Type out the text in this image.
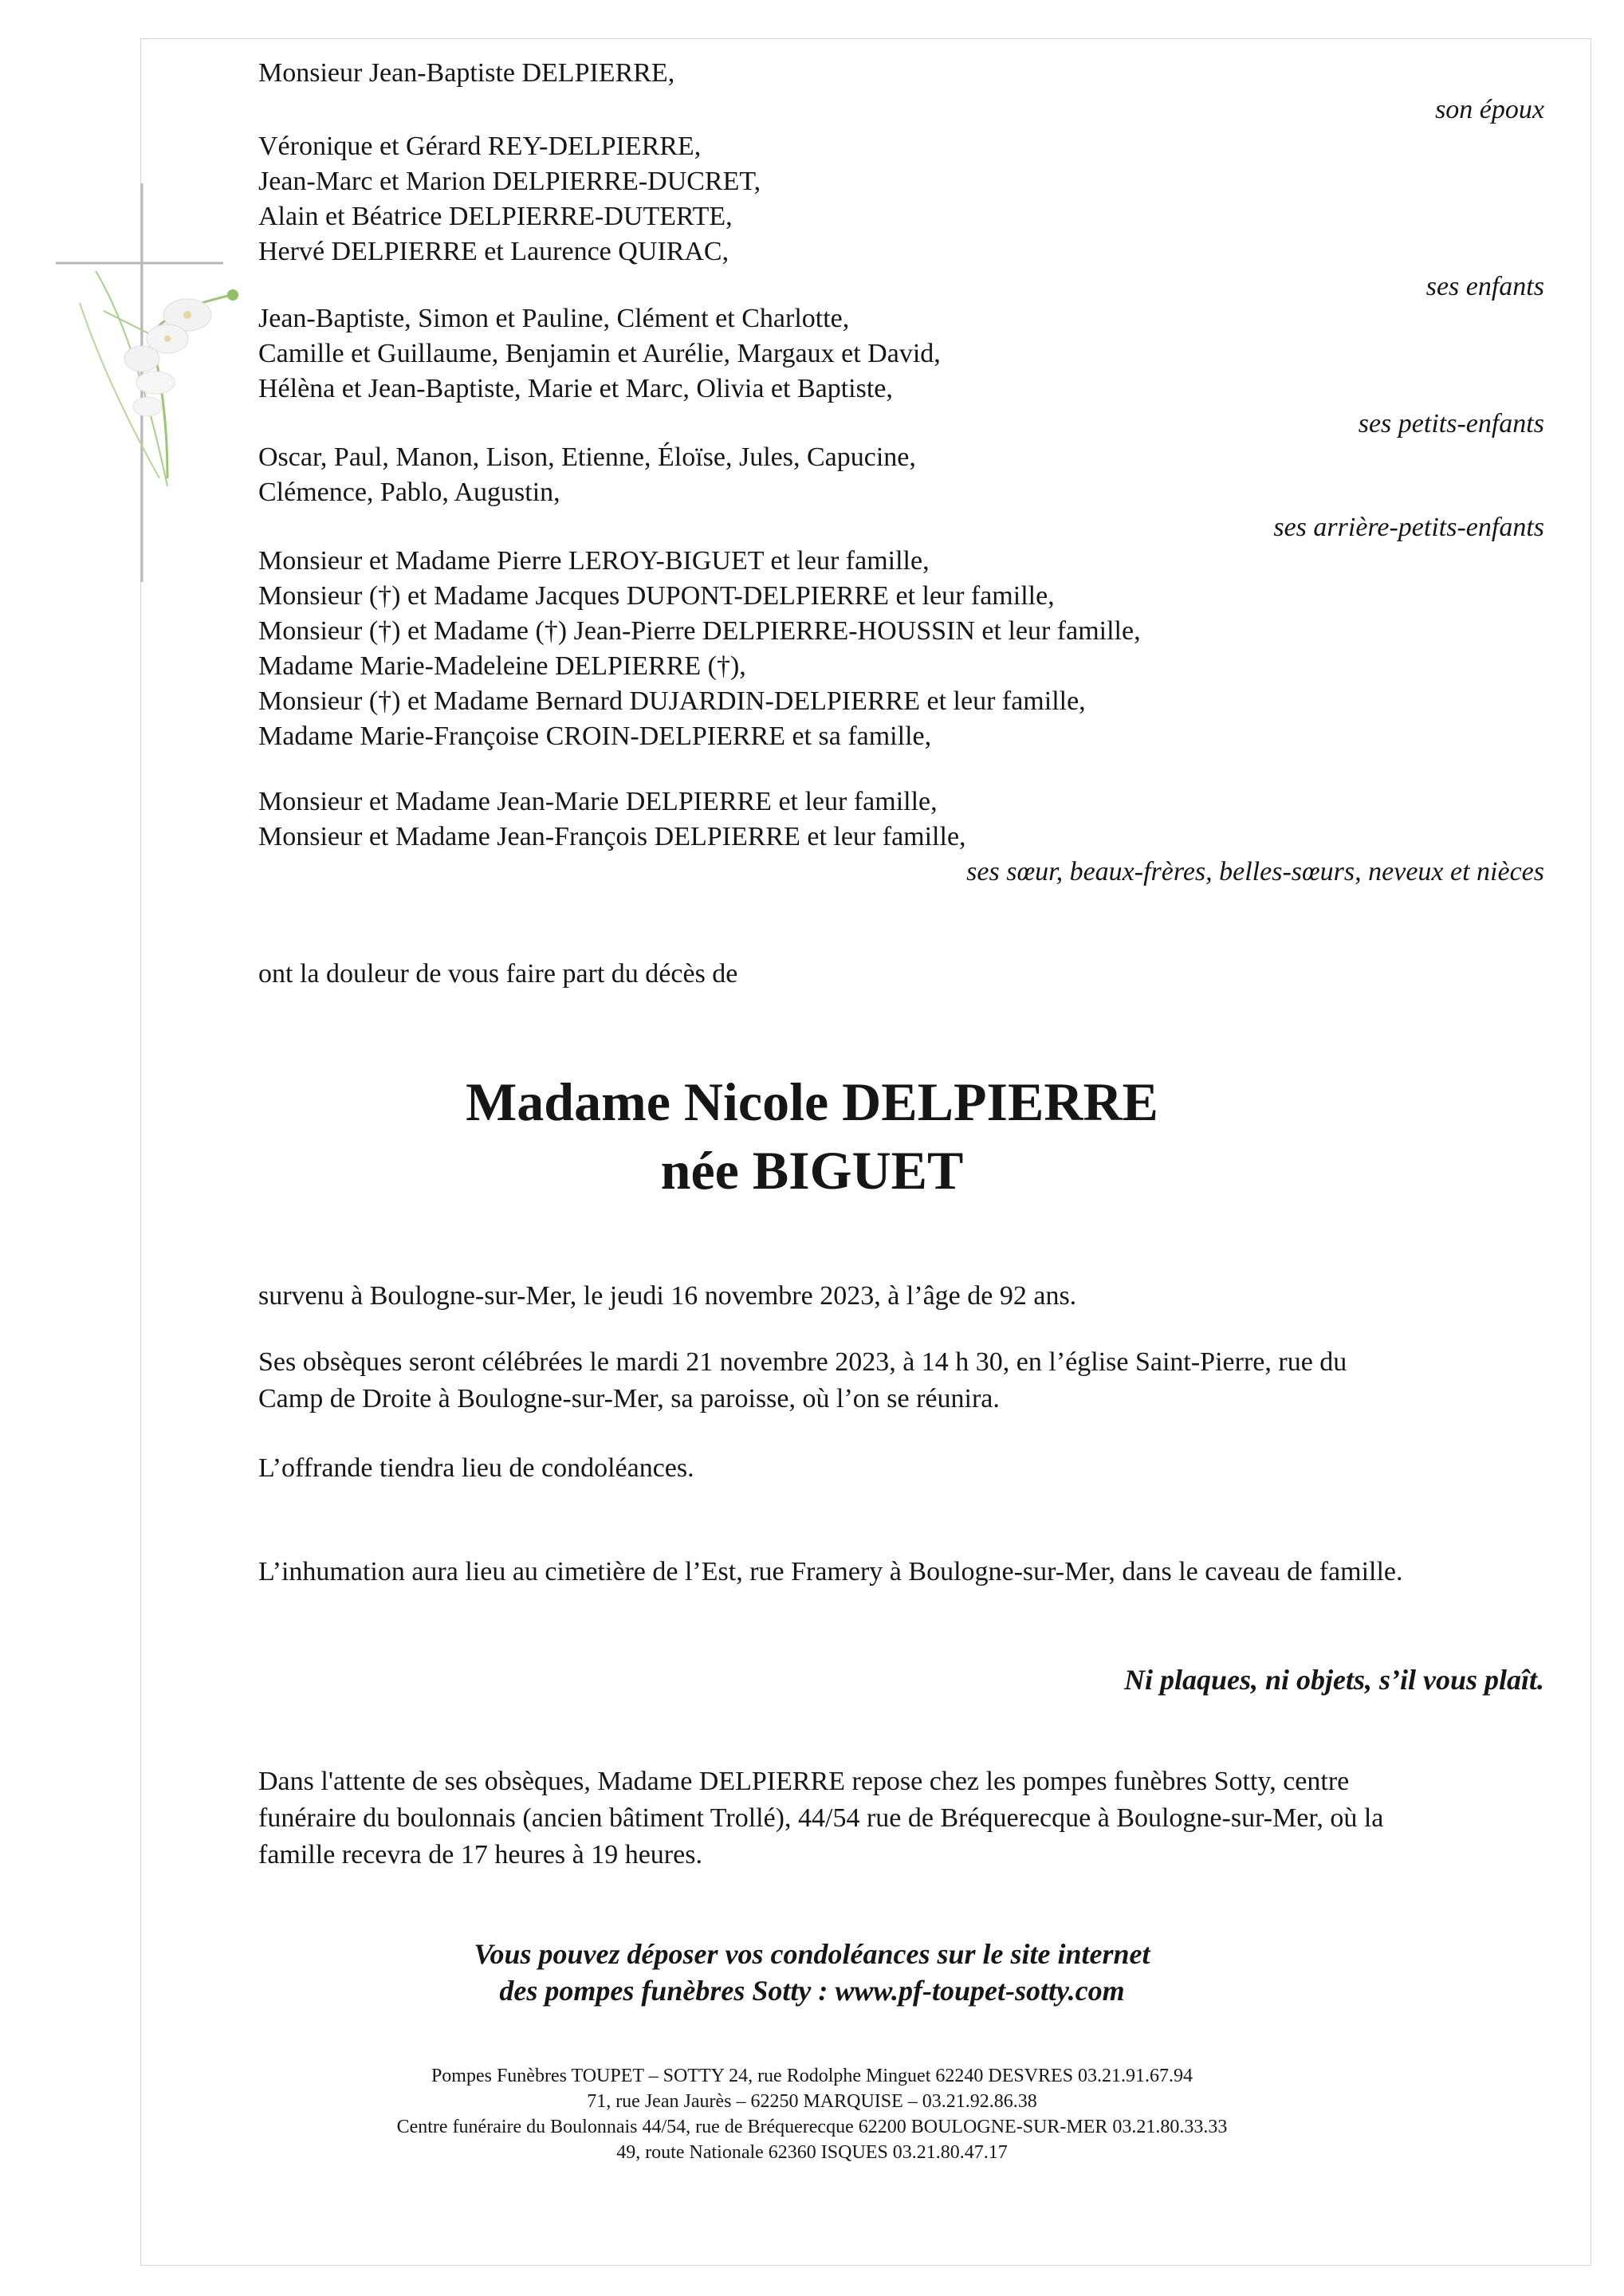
Monsieur Jean-Baptiste DELPIERRE,
son époux
Véronique et Gérard REY-DELPIERRE,
Jean-Marc et Marion DELPIERRE-DUCRET,
Alain et Béatrice DELPIERRE-DUTERTE,
Hervé DELPIERRE et Laurence QUIRAC,
ses enfants
Jean-Baptiste, Simon et Pauline, Clément et Charlotte,
Camille et Guillaume, Benjamin et Aurélie, Margaux et David,
Hélèna et Jean-Baptiste, Marie et Marc, Olivia et Baptiste,
ses petits-enfants
Oscar, Paul, Manon, Lison, Etienne, Éloïse, Jules, Capucine,
Clémence, Pablo, Augustin,
ses arrière-petits-enfants
Monsieur et Madame Pierre LEROY-BIGUET et leur famille,
Monsieur (†) et Madame Jacques DUPONT-DELPIERRE et leur famille,
Monsieur (†) et Madame (†) Jean-Pierre DELPIERRE-HOUSSIN et leur famille,
Madame Marie-Madeleine DELPIERRE (†),
Monsieur (†) et Madame Bernard DUJARDIN-DELPIERRE et leur famille,
Madame Marie-Françoise CROIN-DELPIERRE et sa famille,
Monsieur et Madame Jean-Marie DELPIERRE et leur famille,
Monsieur et Madame Jean-François DELPIERRE et leur famille,
ses sœur, beaux-frères, belles-sœurs, neveux et nièces
ont la douleur de vous faire part du décès de
Madame Nicole DELPIERRE
née BIGUET
survenu à Boulogne-sur-Mer, le jeudi 16 novembre 2023, à l’âge de 92 ans.
Ses obsèques seront célébrées le mardi 21 novembre 2023, à 14 h 30, en l’église Saint-Pierre, rue du
Camp de Droite à Boulogne-sur-Mer, sa paroisse, où l’on se réunira.
L’offrande tiendra lieu de condoléances.
L’inhumation aura lieu au cimetière de l’Est, rue Framery à Boulogne-sur-Mer, dans le caveau de famille.
Ni plaques, ni objets, s’il vous plaît.
Dans l'attente de ses obsèques, Madame DELPIERRE repose chez les pompes funèbres Sotty, centre
funéraire du boulonnais (ancien bâtiment Trollé), 44/54 rue de Bréquerecque à Boulogne-sur-Mer, où la
famille recevra de 17 heures à 19 heures.
Vous pouvez déposer vos condoléances sur le site internet
des pompes funèbres Sotty : www.pf-toupet-sotty.com
Pompes Funèbres TOUPET – SOTTY 24, rue Rodolphe Minguet 62240 DESVRES 03.21.91.67.94
71, rue Jean Jaurès – 62250 MARQUISE – 03.21.92.86.38
Centre funéraire du Boulonnais 44/54, rue de Bréquerecque 62200 BOULOGNE-SUR-MER 03.21.80.33.33
49, route Nationale 62360 ISQUES 03.21.80.47.17
